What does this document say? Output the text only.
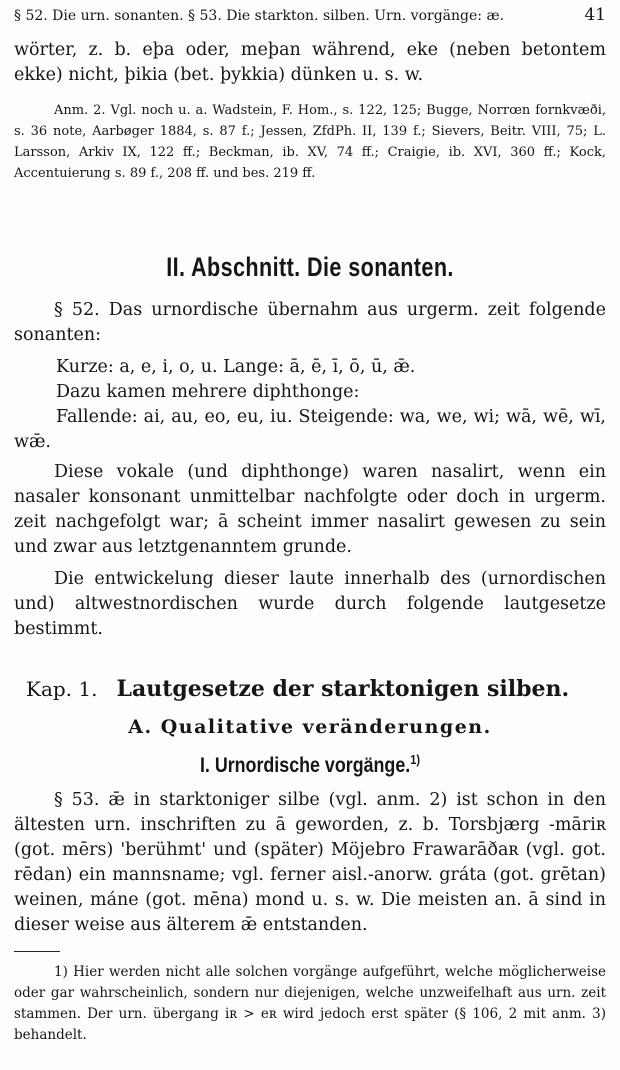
§ 52. Die urn. sonanten. § 53. Die starkton. silben. Urn. vorgänge: æ.	41
wörter, z. b. eþa oder, meþan während, eke (neben betontem ekke) nicht, þikia (bet. þykkia) dünken u. s. w.
Anm. 2. Vgl. noch u. a. Wadstein, F. Hom., s. 122, 125; Bugge, Norrœn fornkvæði, s. 36 note, Aarbøger 1884, s. 87 f.; Jessen, ZfdPh. II, 139 f.; Sievers, Beitr. VIII, 75; L. Larsson, Arkiv IX, 122 ff.; Beckman, ib. XV, 74 ff.; Craigie, ib. XVI, 360 ff.; Kock, Accentuierung s. 89 f., 208 ff. und bes. 219 ff.
II. Abschnitt. Die sonanten.
§ 52. Das urnordische übernahm aus urgerm. zeit folgende sonanten:
Kurze: a, e, i, o, u. Lange: ā, ē, ī, ō, ū, ǣ.
Dazu kamen mehrere diphthonge:
Fallende: ai, au, eo, eu, iu. Steigende: wa, we, wi; wā, wē, wī, wǣ.
Diese vokale (und diphthonge) waren nasalirt, wenn ein nasaler konsonant unmittelbar nachfolgte oder doch in urgerm. zeit nachgefolgt war; ā scheint immer nasalirt gewesen zu sein und zwar aus letztgenanntem grunde.
Die entwickelung dieser laute innerhalb des (urnordischen und) altwestnordischen wurde durch folgende lautgesetze bestimmt.
Kap. 1. Lautgesetze der starktonigen silben.
A. Qualitative veränderungen.
I. Urnordische vorgänge.$^{1)}$
§ 53. ǣ in starktoniger silbe (vgl. anm. 2) ist schon in den ältesten urn. inschriften zu ā geworden, z. b. Torsbjærg -māriʀ (got. mērs) 'berühmt' und (später) Möjebro Frawarāðaʀ (vgl. got. rēdan) ein mannsname; vgl. ferner aisl.-anorw. gráta (got. grētan) weinen, máne (got. mēna) mond u. s. w. Die meisten an. ā sind in dieser weise aus älterem ǣ entstanden.
1) Hier werden nicht alle solchen vorgänge aufgeführt, welche möglicherweise oder gar wahrscheinlich, sondern nur diejenigen, welche unzweifelhaft aus urn. zeit stammen. Der urn. übergang iʀ > eʀ wird jedoch erst später (§ 106, 2 mit anm. 3) behandelt.
